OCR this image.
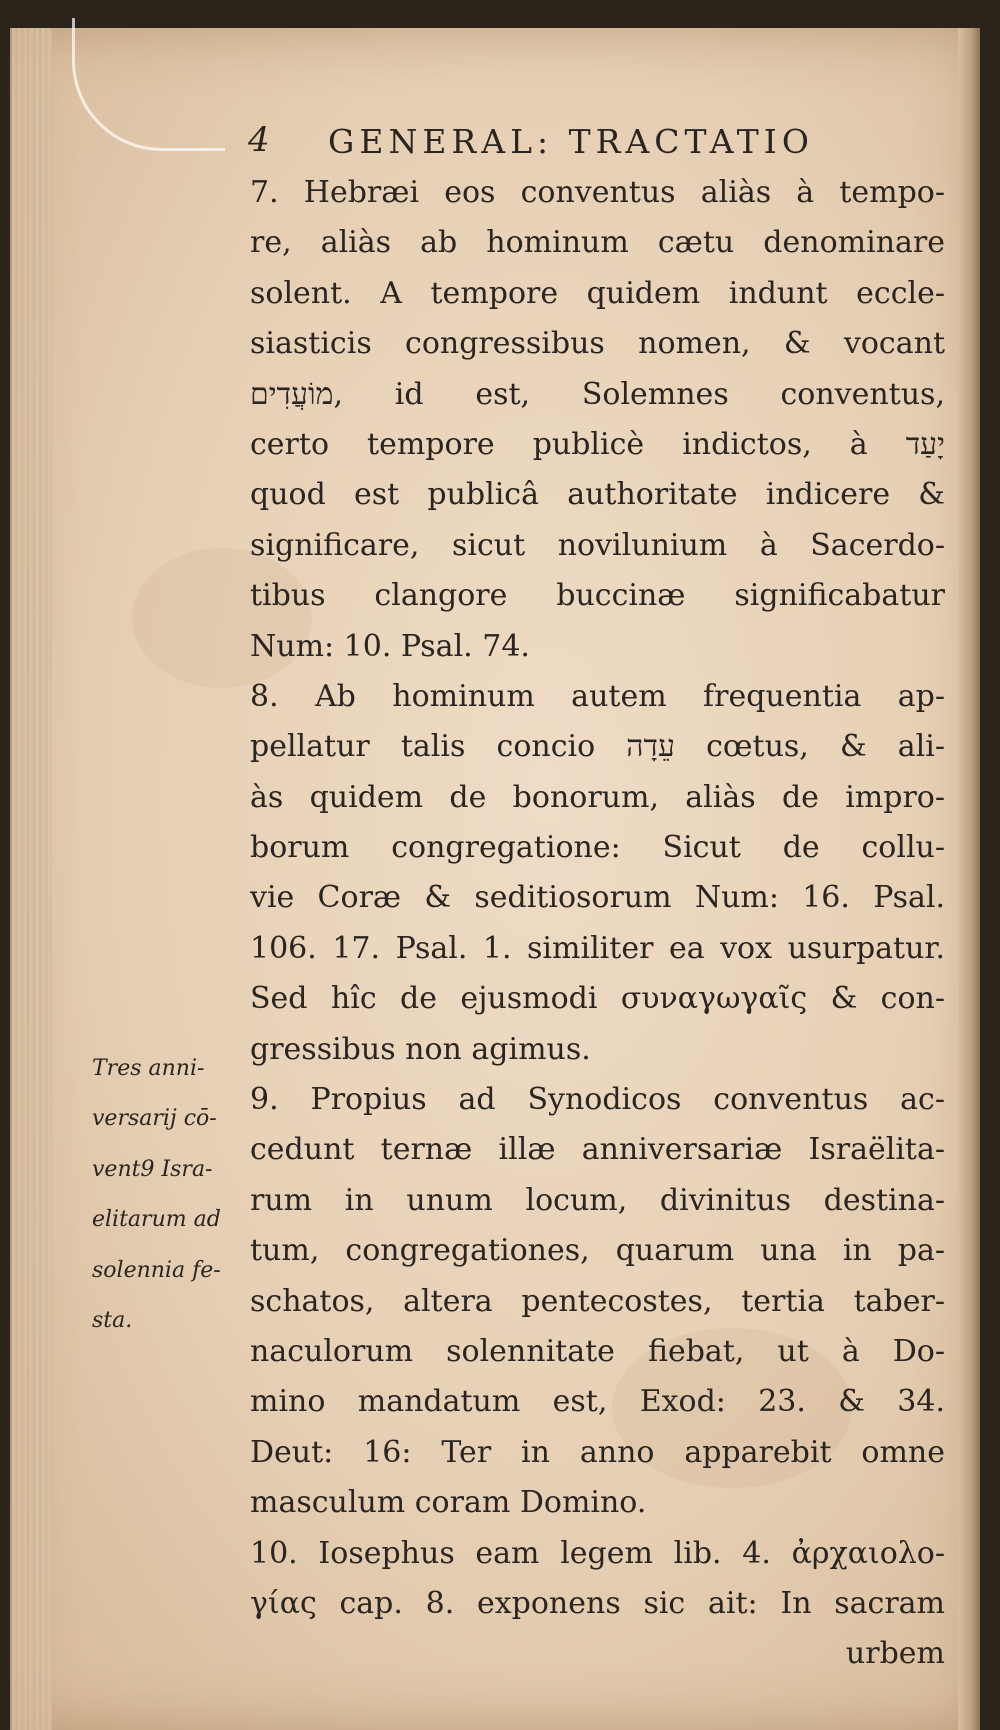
4 GENERAL: TRACTATIO
7. Hebræi eos conventus aliàs à tempo-
re, aliàs ab hominum cætu denominare
solent. A tempore quidem indunt eccle-
siasticis congressibus nomen, & vocant
מוֹעֲדִים, id est, Solemnes conventus,
certo tempore publicè indictos, à יָעַד
quod est publicâ authoritate indicere &
significare, sicut novilunium à Sacerdo-
tibus clangore buccinæ significabatur
Num: 10. Psal. 74.
8. Ab hominum autem frequentia ap-
pellatur talis concio עֵדָה cœtus, & ali-
às quidem de bonorum, aliàs de impro-
borum congregatione: Sicut de collu-
vie Coræ & seditiosorum Num: 16. Psal.
106. 17. Psal. 1. similiter ea vox usurpatur.
Sed hîc de ejusmodi συναγωγαῖς & con-
gressibus non agimus.
9. Propius ad Synodicos conventus ac-
cedunt ternæ illæ anniversariæ Israëlita-
rum in unum locum, divinitus destina-
tum, congregationes, quarum una in pa-
schatos, altera pentecostes, tertia taber-
naculorum solennitate fiebat, ut à Do-
mino mandatum est, Exod: 23. & 34.
Deut: 16: Ter in anno apparebit omne
masculum coram Domino.
10. Iosephus eam legem lib. 4. ἀρχαιολο-
γίας cap. 8. exponens sic ait: In sacram
urbem
Tres anni-
versarij cō-
vent9 Isra-
elitarum ad
solennia fe-
sta.
